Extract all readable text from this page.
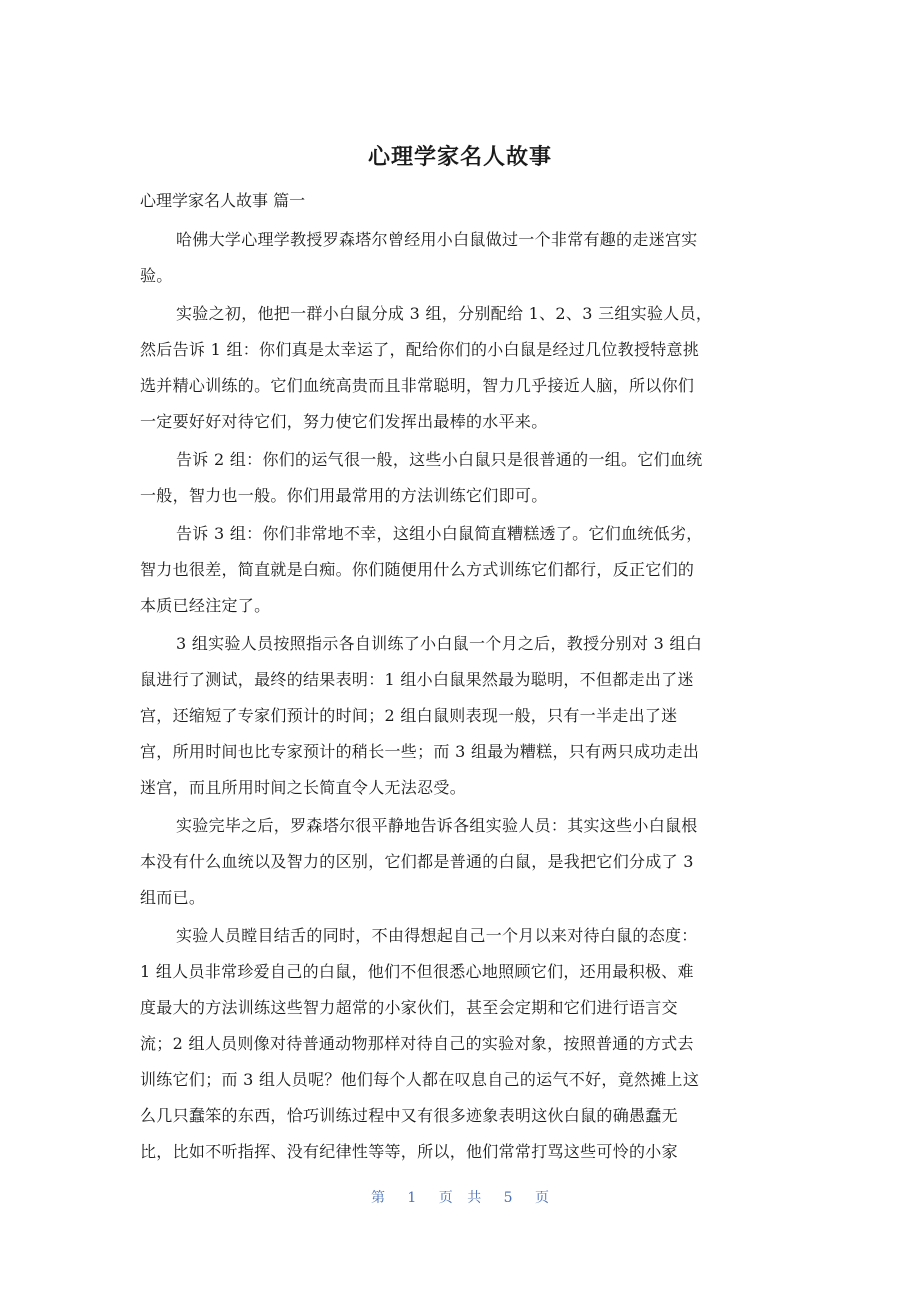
心理学家名人故事
心理学家名人故事 篇一
哈佛大学心理学教授罗森塔尔曾经用小白鼠做过一个非常有趣的走迷宫实
验。
实验之初，他把一群小白鼠分成 3 组，分别配给 1、2、3 三组实验人员，
然后告诉 1 组：你们真是太幸运了，配给你们的小白鼠是经过几位教授特意挑
选并精心训练的。它们血统高贵而且非常聪明，智力几乎接近人脑，所以你们
一定要好好对待它们，努力使它们发挥出最棒的水平来。
告诉 2 组：你们的运气很一般，这些小白鼠只是很普通的一组。它们血统
一般，智力也一般。你们用最常用的方法训练它们即可。
告诉 3 组：你们非常地不幸，这组小白鼠简直糟糕透了。它们血统低劣，
智力也很差，简直就是白痴。你们随便用什么方式训练它们都行，反正它们的
本质已经注定了。
3 组实验人员按照指示各自训练了小白鼠一个月之后，教授分别对 3 组白
鼠进行了测试，最终的结果表明：1 组小白鼠果然最为聪明，不但都走出了迷
宫，还缩短了专家们预计的时间；2 组白鼠则表现一般，只有一半走出了迷
宫，所用时间也比专家预计的稍长一些；而 3 组最为糟糕，只有两只成功走出
迷宫，而且所用时间之长简直令人无法忍受。
实验完毕之后，罗森塔尔很平静地告诉各组实验人员：其实这些小白鼠根
本没有什么血统以及智力的区别，它们都是普通的白鼠，是我把它们分成了 3
组而已。
实验人员瞠目结舌的同时，不由得想起自己一个月以来对待白鼠的态度：
1 组人员非常珍爱自己的白鼠，他们不但很悉心地照顾它们，还用最积极、难
度最大的方法训练这些智力超常的小家伙们，甚至会定期和它们进行语言交
流；2 组人员则像对待普通动物那样对待自己的实验对象，按照普通的方式去
训练它们；而 3 组人员呢？他们每个人都在叹息自己的运气不好，竟然摊上这
么几只蠢笨的东西，恰巧训练过程中又有很多迹象表明这伙白鼠的确愚蠢无
比，比如不听指挥、没有纪律性等等，所以，他们常常打骂这些可怜的小家
第 1 页 共 5 页
